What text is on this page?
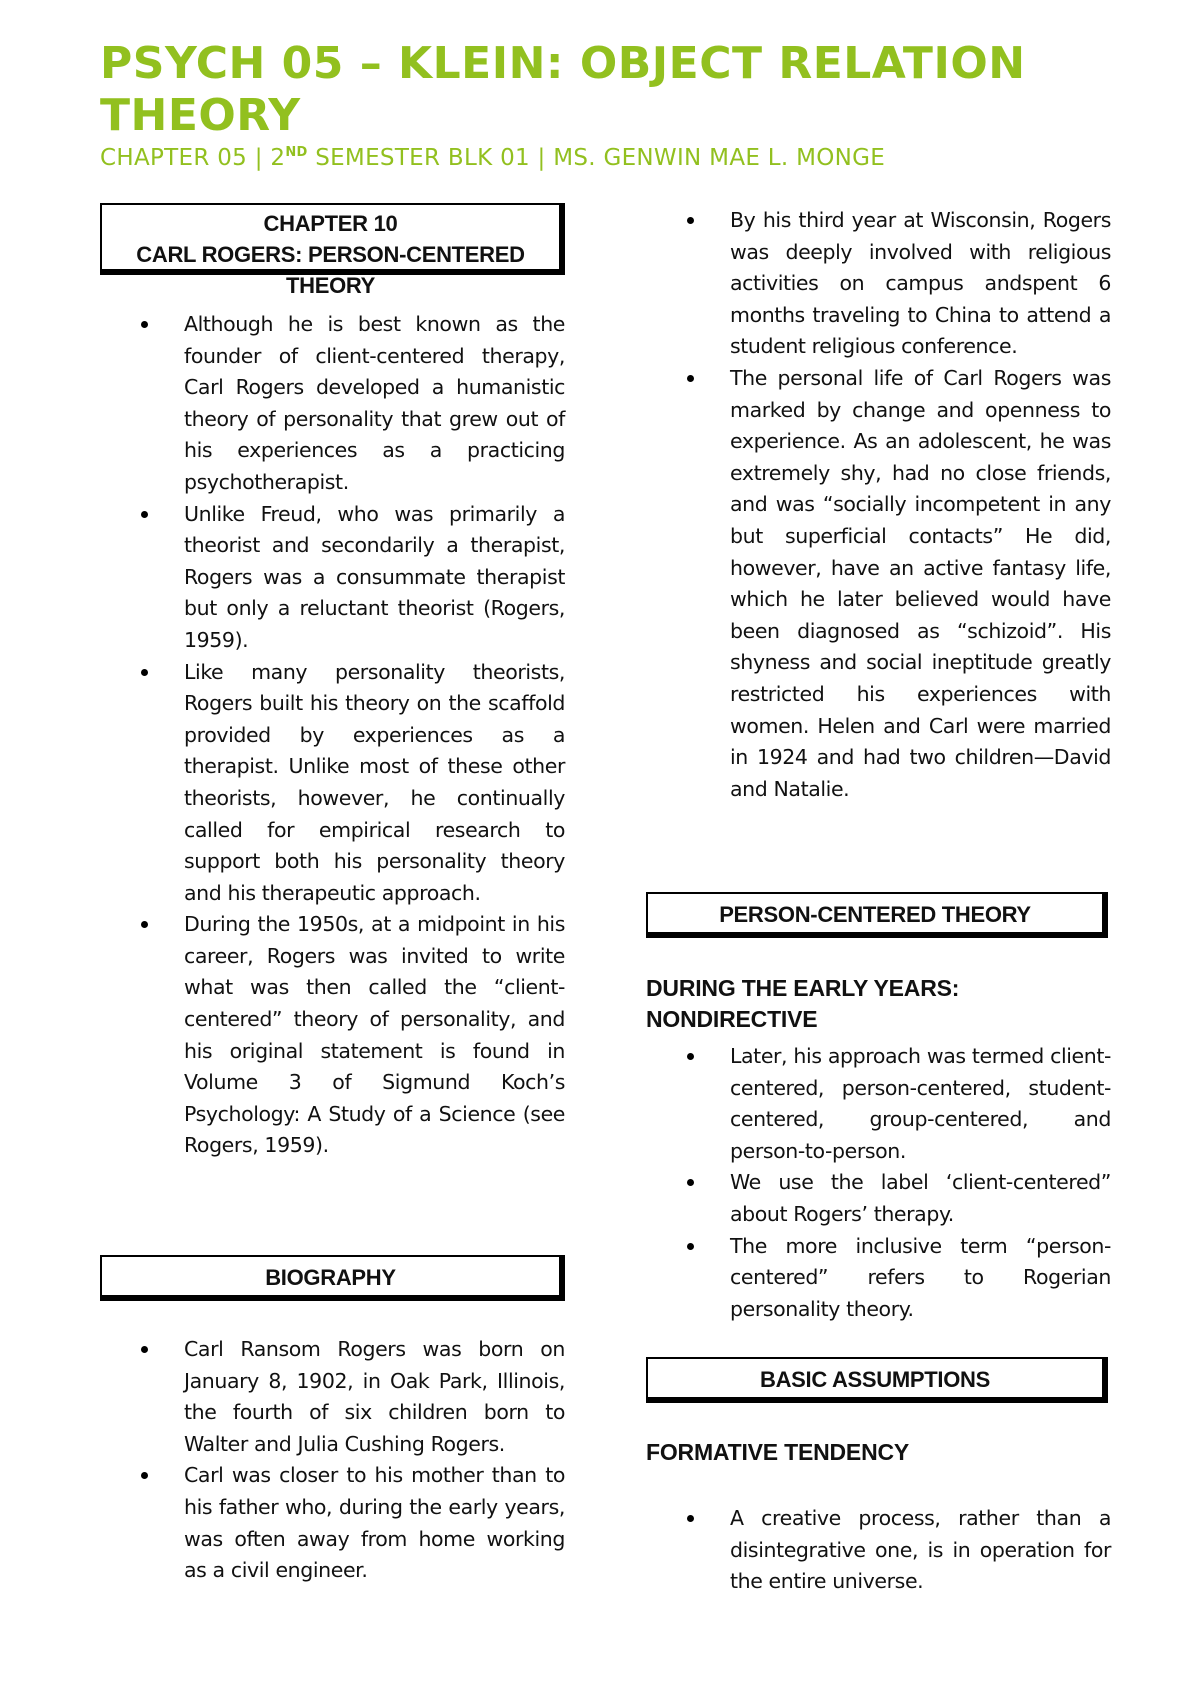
PSYCH 05 – KLEIN: OBJECT RELATION THEORY

CHAPTER 05 | 2ND SEMESTER BLK 01 | MS. GENWIN MAE L. MONGE

CHAPTER 10
CARL ROGERS: PERSON-CENTERED THEORY
Although he is best known as the founder of client-centered therapy, Carl Rogers developed a humanistic theory of personality that grew out of his experiences as a practicing psychotherapist.
Unlike Freud, who was primarily a theorist and secondarily a therapist, Rogers was a consummate therapist but only a reluctant theorist (Rogers, 1959).
Like many personality theorists, Rogers built his theory on the scaffold provided by experiences as a therapist. Unlike most of these other theorists, however, he continually called for empirical research to support both his personality theory and his therapeutic approach.
During the 1950s, at a midpoint in his career, Rogers was invited to write what was then called the “client-centered” theory of personality, and his original statement is found in Volume 3 of Sigmund Koch’s Psychology: A Study of a Science (see Rogers, 1959).
BIOGRAPHY
Carl Ransom Rogers was born on January 8, 1902, in Oak Park, Illinois, the fourth of six children born to Walter and Julia Cushing Rogers.
Carl was closer to his mother than to his father who, during the early years, was often away from home working as a civil engineer.
By his third year at Wisconsin, Rogers was deeply involved with religious activities on campus andspent 6 months traveling to China to attend a student religious conference.
The personal life of Carl Rogers was marked by change and openness to experience. As an adolescent, he was extremely shy, had no close friends, and was “socially incompetent in any but superficial contacts” He did, however, have an active fantasy life, which he later believed would have been diagnosed as “schizoid”. His shyness and social ineptitude greatly restricted his experiences with women. Helen and Carl were married in 1924 and had two children—David and Natalie.
PERSON-CENTERED THEORY
DURING THE EARLY YEARS: NONDIRECTIVE
Later, his approach was termed client-centered, person-centered, student-centered, group-centered, and person-to-person.
We use the label ‘client-centered” about Rogers’ therapy.
The more inclusive term “person-centered” refers to Rogerian personality theory.
BASIC ASSUMPTIONS
FORMATIVE TENDENCY
A creative process, rather than a disintegrative one, is in operation for the entire universe.
